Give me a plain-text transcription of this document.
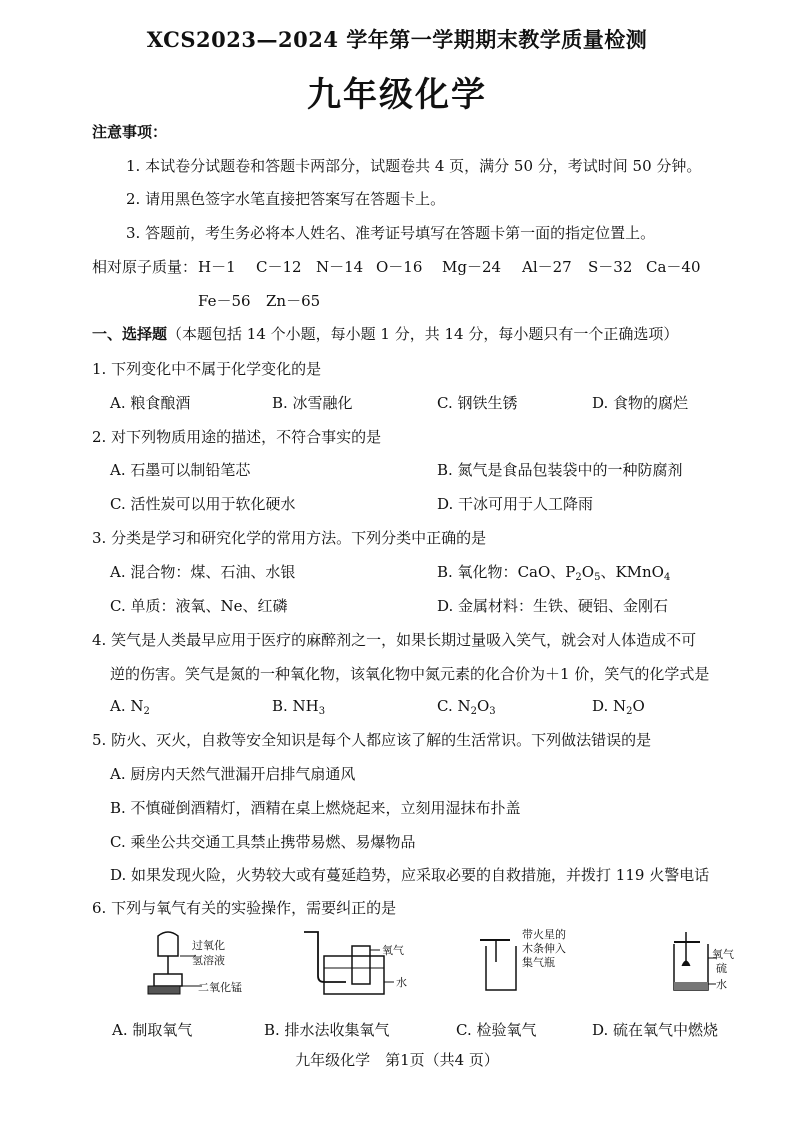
XCS2023—2024 学年第一学期期末教学质量检测
九年级化学
注意事项：
1. 本试卷分试题卷和答题卡两部分，试题卷共 4 页，满分 50 分，考试时间 50 分钟。
2. 请用黑色签字水笔直接把答案写在答题卡上。
3. 答题前，考生务必将本人姓名、准考证号填写在答题卡第一面的指定位置上。
相对原子质量： H－1 C－12 N－14 O－16 Mg－24 Al－27 S－32 Ca－40
Fe－56 Zn－65
一、选择题（本题包括 14 个小题，每小题 1 分，共 14 分，每小题只有一个正确选项）
1. 下列变化中不属于化学变化的是
A. 粮食酿酒	B. 冰雪融化	C. 钢铁生锈	D. 食物的腐烂
2. 对下列物质用途的描述，不符合事实的是
A. 石墨可以制铅笔芯	B. 氮气是食品包装袋中的一种防腐剂
C. 活性炭可以用于软化硬水	D. 干冰可用于人工降雨
3. 分类是学习和研究化学的常用方法。下列分类中正确的是
A. 混合物：煤、石油、水银	B. 氧化物：CaO、$P_2O_5$、KMnO$_4$
C. 单质：液氧、Ne、红磷	D. 金属材料：生铁、硬铝、金刚石
4. 笑气是人类最早应用于医疗的麻醉剂之一，如果长期过量吸入笑气，就会对人体造成不可
逆的伤害。笑气是氮的一种氧化物，该氧化物中氮元素的化合价为＋1 价，笑气的化学式是
A. $N_2$	B. $NH_3$	C. $N_2O_3$	D. $N_2O$
5. 防火、灭火，自救等安全知识是每个人都应该了解的生活常识。下列做法错误的是
A. 厨房内天然气泄漏开启排气扇通风
B. 不慎碰倒酒精灯，酒精在桌上燃烧起来，立刻用湿抹布扑盖
C. 乘坐公共交通工具禁止携带易燃、易爆物品
D. 如果发现火险，火势较大或有蔓延趋势，应采取必要的自救措施，并拨打 119 火警电话
6. 下列与氧气有关的实验操作，需要纠正的是
过氧化
氢溶液
二氧化锰
氧气
水
带火星的
木条伸入
集气瓶
氧气
硫
水
A. 制取氧气	B. 排水法收集氧气	C. 检验氧气	D. 硫在氧气中燃烧
九年级化学　第1页（共4 页）
